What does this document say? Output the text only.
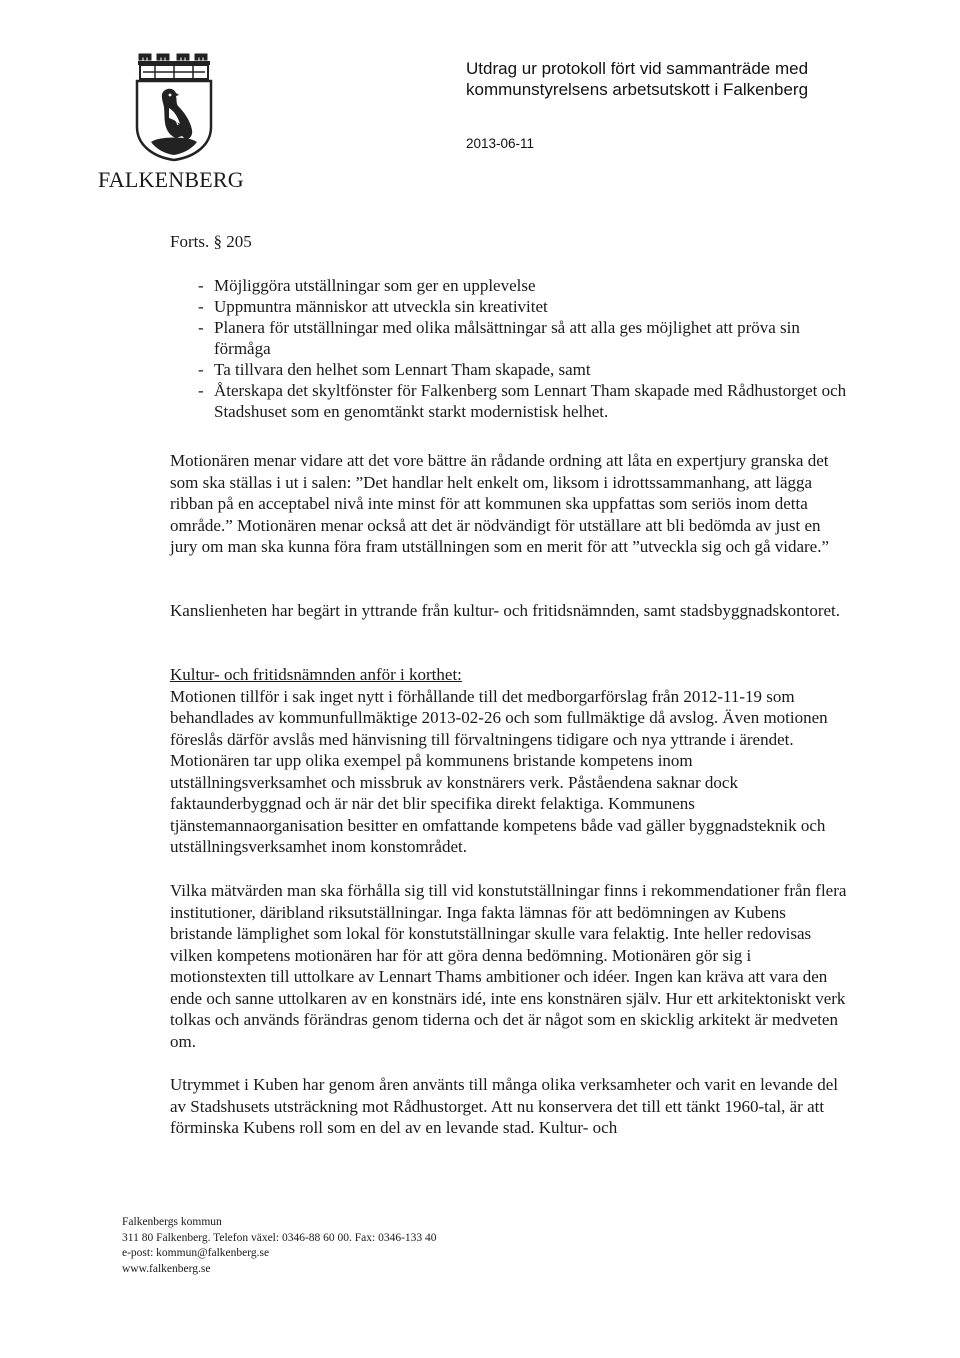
FALKENBERG
Utdrag ur protokoll fört vid sammanträde med
kommunstyrelsens arbetsutskott i Falkenberg
2013-06-11
Forts. § 205
- Möjliggöra utställningar som ger en upplevelse
- Uppmuntra människor att utveckla sin kreativitet
- Planera för utställningar med olika målsättningar så att alla ges möjlighet att pröva sin förmåga
- Ta tillvara den helhet som Lennart Tham skapade, samt
- Återskapa det skyltfönster för Falkenberg som Lennart Tham skapade med Rådhustorget och Stadshuset som en genomtänkt starkt modernistisk helhet.

Motionären menar vidare att det vore bättre än rådande ordning att låta en expertjury granska det som ska ställas i ut i salen: ”Det handlar helt enkelt om, liksom i idrottssammanhang, att lägga ribban på en acceptabel nivå inte minst för att kommunen ska uppfattas som seriös inom detta område.” Motionären menar också att det är nödvändigt för utställare att bli bedömda av just en jury om man ska kunna föra fram utställningen som en merit för att ”utveckla sig och gå vidare.”

Kanslienheten har begärt in yttrande från kultur- och fritidsnämnden, samt stadsbyggnadskontoret.

Kultur- och fritidsnämnden anför i korthet:
Motionen tillför i sak inget nytt i förhållande till det medborgarförslag från 2012-11-19 som behandlades av kommunfullmäktige 2013-02-26 och som fullmäktige då avslog. Även motionen föreslås därför avslås med hänvisning till förvaltningens tidigare och nya yttrande i ärendet. Motionären tar upp olika exempel på kommunens bristande kompetens inom utställningsverksamhet och missbruk av konstnärers verk. Påståendena saknar dock faktaunderbyggnad och är när det blir specifika direkt felaktiga. Kommunens tjänstemannaorganisation besitter en omfattande kompetens både vad gäller byggnadsteknik och utställningsverksamhet inom konstområdet.

Vilka mätvärden man ska förhålla sig till vid konstutställningar finns i rekommendationer från flera institutioner, däribland riksutställningar. Inga fakta lämnas för att bedömningen av Kubens bristande lämplighet som lokal för konstutställningar skulle vara felaktig. Inte heller redovisas vilken kompetens motionären har för att göra denna bedömning. Motionären gör sig i motionstexten till uttolkare av Lennart Thams ambitioner och idéer. Ingen kan kräva att vara den ende och sanne uttolkaren av en konstnärs idé, inte ens konstnären själv. Hur ett arkitektoniskt verk tolkas och används förändras genom tiderna och det är något som en skicklig arkitekt är medveten om.

Utrymmet i Kuben har genom åren använts till många olika verksamheter och varit en levande del av Stadshusets utsträckning mot Rådhustorget. Att nu konservera det till ett tänkt 1960-tal, är att förminska Kubens roll som en del av en levande stad. Kultur- och

Falkenbergs kommun
311 80 Falkenberg. Telefon växel: 0346-88 60 00. Fax: 0346-133 40
e-post: kommun@falkenberg.se
www.falkenberg.se
